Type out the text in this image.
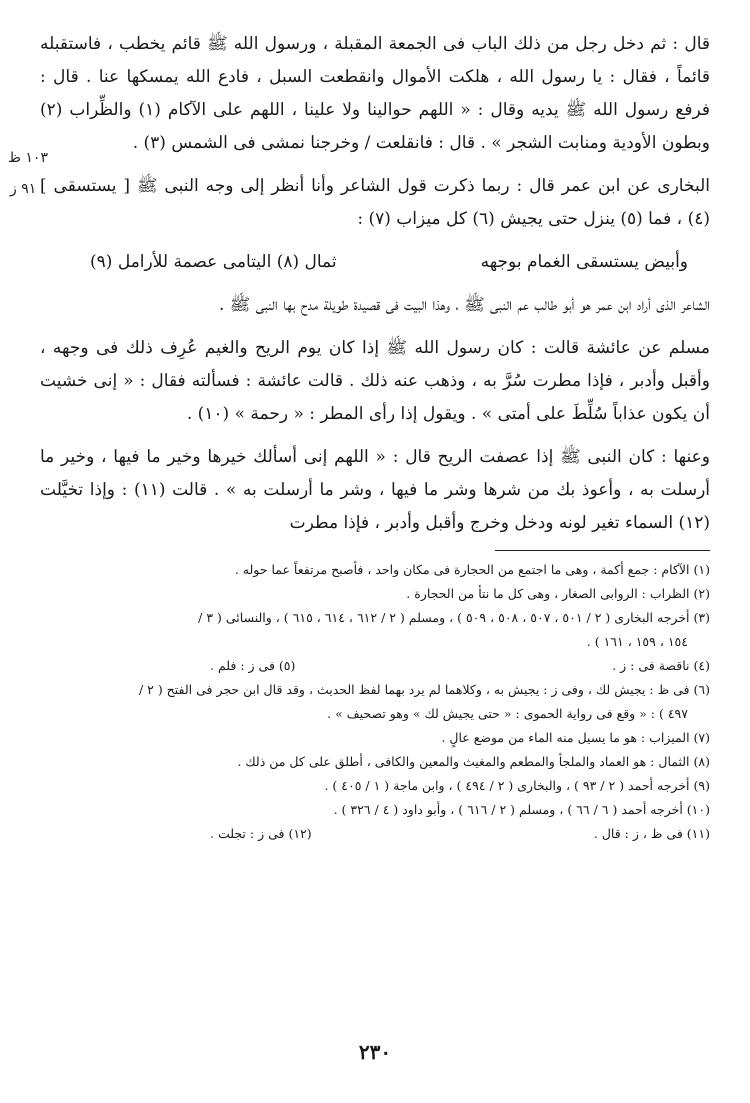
قال : ثم دخل رجل من ذلك الباب فى الجمعة المقبلة ، ورسول الله ﷺ قائم يخطب ، فاستقبله قائماً ، فقال : يا رسول الله ، هلكت الأموال وانقطعت السبل ، فادع الله يمسكها عنا . قال : فرفع رسول الله ﷺ يديه وقال : « اللهم حوالينا ولا علينا ، اللهم على الآكام (١) والظِّراب (٢) وبطون الأودية ومنابت الشجر » . قال : فانقلعت / وخرجنا نمشى فى الشمس (٣) .

البخارى عن ابن عمر قال : ربما ذكرت قول الشاعر وأنا أنظر إلى وجه النبى ﷺ [ يستسقى ] (٤) ، فما (٥) ينزل حتى يجيش (٦) كل ميزاب (٧) :

وأبيض يستسقى الغمام بوجهه
ثمال (٨) اليتامى عصمة للأرامل (٩)

الشاعر الذى أراد ابن عمر هو أبو طالب عم النبى ﷺ ، وهذا البيت فى قصيدة طويلة مدح بها النبى ﷺ .

مسلم عن عائشة قالت : كان رسول الله ﷺ إذا كان يوم الريح والغيم عُرِف ذلك فى وجهه ، وأقبل وأدبر ، فإذا مطرت سُرَّ به ، وذهب عنه ذلك . قالت عائشة : فسألته فقال : « إنى خشيت أن يكون عذاباً سُلِّطَ على أمتى » . ويقول إذا رأى المطر : « رحمة » (١٠) .

وعنها : كان النبى ﷺ إذا عصفت الريح قال : « اللهم إنى أسألك خيرها وخير ما فيها ، وخير ما أرسلت به ، وأعوذ بك من شرها وشر ما فيها ، وشر ما أرسلت به » . قالت (١١) : وإذا تخيَّلت (١٢) السماء تغير لونه ودخل وخرج وأقبل وأدبر ، فإذا مطرت

(١) الآكام : جمع أكمة ، وهى ما اجتمع من الحجارة فى مكان واحد ، فأصبح مرتفعاً عما حوله .
(٢) الظراب : الروابى الصغار ، وهى كل ما نتأ من الحجارة .
(٣) أخرجه البخارى ( ٢ / ٥٠١ ، ٥٠٧ ، ٥٠٨ ، ٥٠٩ ) ، ومسلم ( ٢ / ٦١٢ ، ٦١٤ ، ٦١٥ ) ، والنسائى ( ٣ /
١٥٤ ، ١٥٩ ، ١٦١ ) .
(٤) ناقصة فى : ز .
(٥) فى ز : فلم .
(٦) فى ظ : يجيش لك ، وفى ز : يجيش به ، وكلاهما لم يرد بهما لفظ الحديث ، وقد قال ابن حجر فى الفتح ( ٢ /
٤٩٧ ) : « وقع فى رواية الحموى : « حتى يجيش لك » وهو تصحيف » .
(٧) الميزاب : هو ما يسيل منه الماء من موضع عالٍ .
(٨) الثمال : هو العماد والملجأ والمطعم والمغيث والمعين والكافى ، أطلق على كل من ذلك .
(٩) أخرجه أحمد ( ٢ / ٩٣ ) ، والبخارى ( ٢ / ٤٩٤ ) ، وابن ماجة ( ١ / ٤٠٥ ) .
(١٠) أخرجه أحمد ( ٦ / ٦٦ ) ، ومسلم ( ٢ / ٦١٦ ) ، وأبو داود ( ٤ / ٣٢٦ ) .
(١١) فى ظ ، ز : قال .
(١٢) فى ز : تجلت .
١٠٣ ظ
٩١ ز
٢٣٠
